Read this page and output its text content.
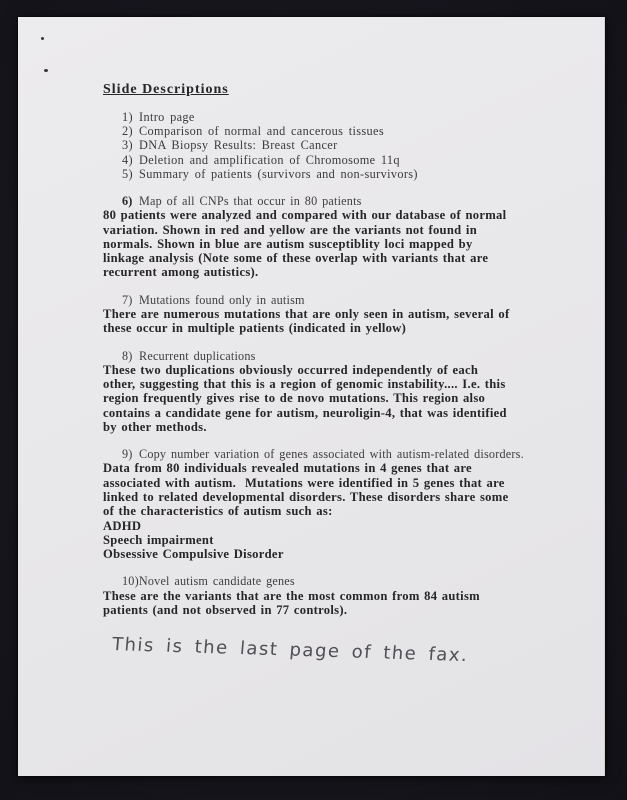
Slide Descriptions
1) Intro page
2) Comparison of normal and cancerous tissues
3) DNA Biopsy Results: Breast Cancer
4) Deletion and amplification of Chromosome 11q
5) Summary of patients (survivors and non-survivors)
6) Map of all CNPs that occur in 80 patients
80 patients were analyzed and compared with our database of normal
variation. Shown in red and yellow are the variants not found in
normals. Shown in blue are autism susceptiblity loci mapped by
linkage analysis (Note some of these overlap with variants that are
recurrent among autistics).
7) Mutations found only in autism
There are numerous mutations that are only seen in autism, several of
these occur in multiple patients (indicated in yellow)
8) Recurrent duplications
These two duplications obviously occurred independently of each
other, suggesting that this is a region of genomic instability.... I.e. this
region frequently gives rise to de novo mutations. This region also
contains a candidate gene for autism, neuroligin-4, that was identified
by other methods.
9) Copy number variation of genes associated with autism-related disorders.
Data from 80 individuals revealed mutations in 4 genes that are
associated with autism.  Mutations were identified in 5 genes that are
linked to related developmental disorders. These disorders share some
of the characteristics of autism such as:
ADHD
Speech impairment
Obsessive Compulsive Disorder
10) Novel autism candidate genes
These are the variants that are the most common from 84 autism
patients (and not observed in 77 controls).
This is the last page of the fax.
